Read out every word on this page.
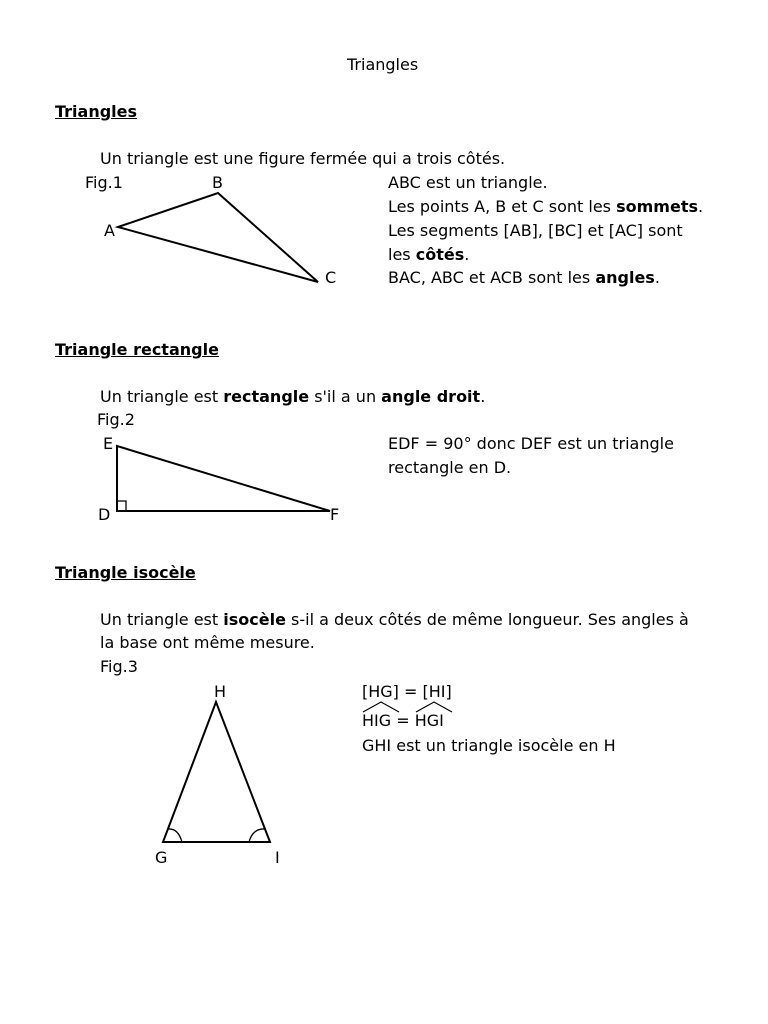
Triangles
Triangles
Un triangle est une figure fermée qui a trois côtés.
Fig.1	B
A
C
ABC est un triangle.
Les points A, B et C sont les sommets.
Les segments [AB], [BC] et [AC] sont
les côtés.
BAC, ABC et ACB sont les angles.
Triangle rectangle
Un triangle est rectangle s'il a un angle droit.
Fig.2
E
D	F
EDF = 90° donc DEF est un triangle
rectangle en D.
Triangle isocèle
Un triangle est isocèle s-il a deux côtés de même longueur. Ses angles à
la base ont même mesure.
Fig.3
H
G	I
[HG] = [HI]
HIG =
HGI
GHI est un triangle isocèle en H
